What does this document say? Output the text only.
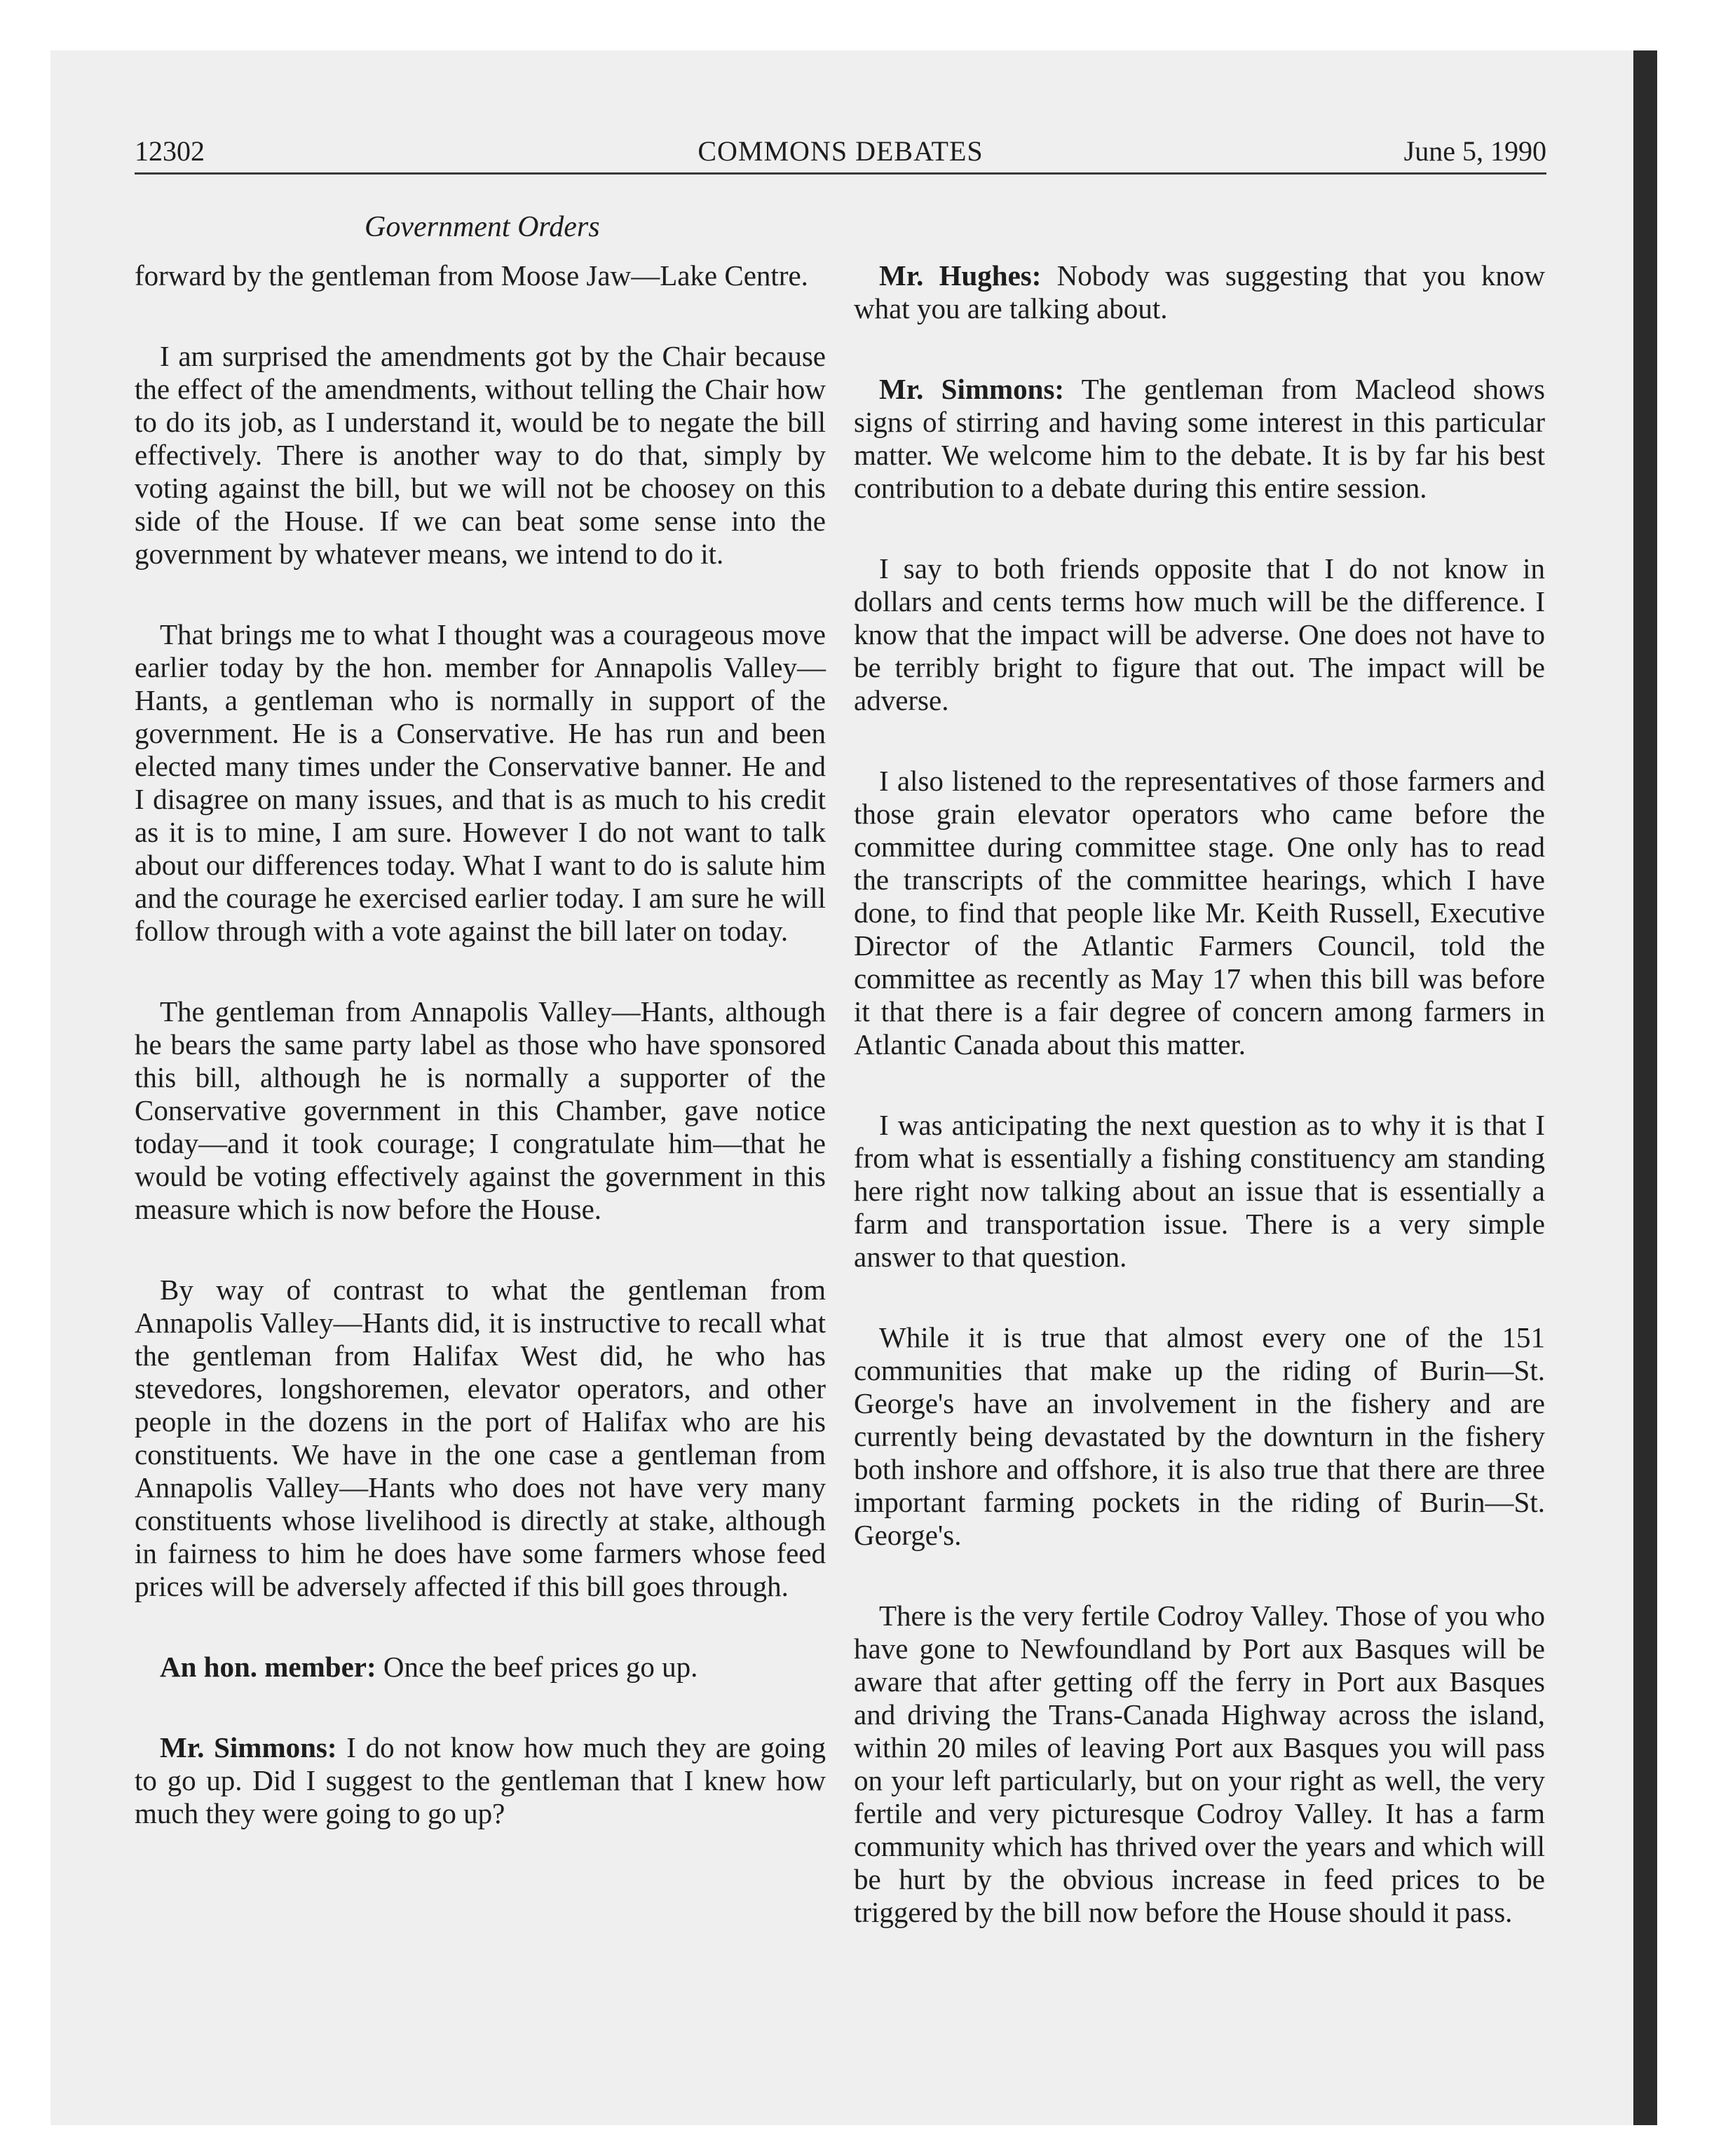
12302	COMMONS DEBATES	June 5, 1990
Government Orders

forward by the gentleman from Moose Jaw—Lake Centre.

I am surprised the amendments got by the Chair because the effect of the amendments, without telling the Chair how to do its job, as I understand it, would be to negate the bill effectively. There is another way to do that, simply by voting against the bill, but we will not be choosey on this side of the House. If we can beat some sense into the government by whatever means, we intend to do it.

That brings me to what I thought was a courageous move earlier today by the hon. member for Annapolis Valley—Hants, a gentleman who is normally in support of the government. He is a Conservative. He has run and been elected many times under the Conservative banner. He and I disagree on many issues, and that is as much to his credit as it is to mine, I am sure. However I do not want to talk about our differences today. What I want to do is salute him and the courage he exercised earlier today. I am sure he will follow through with a vote against the bill later on today.

The gentleman from Annapolis Valley—Hants, although he bears the same party label as those who have sponsored this bill, although he is normally a supporter of the Conservative government in this Chamber, gave notice today—and it took courage; I congratulate him—that he would be voting effectively against the government in this measure which is now before the House.

By way of contrast to what the gentleman from Annapolis Valley—Hants did, it is instructive to recall what the gentleman from Halifax West did, he who has stevedores, longshoremen, elevator operators, and other people in the dozens in the port of Halifax who are his constituents. We have in the one case a gentleman from Annapolis Valley—Hants who does not have very many constituents whose livelihood is directly at stake, although in fairness to him he does have some farmers whose feed prices will be adversely affected if this bill goes through.

An hon. member: Once the beef prices go up.

Mr. Simmons: I do not know how much they are going to go up. Did I suggest to the gentleman that I knew how much they were going to go up?

Mr. Hughes: Nobody was suggesting that you know what you are talking about.

Mr. Simmons: The gentleman from Macleod shows signs of stirring and having some interest in this particular matter. We welcome him to the debate. It is by far his best contribution to a debate during this entire session.

I say to both friends opposite that I do not know in dollars and cents terms how much will be the difference. I know that the impact will be adverse. One does not have to be terribly bright to figure that out. The impact will be adverse.

I also listened to the representatives of those farmers and those grain elevator operators who came before the committee during committee stage. One only has to read the transcripts of the committee hearings, which I have done, to find that people like Mr. Keith Russell, Executive Director of the Atlantic Farmers Council, told the committee as recently as May 17 when this bill was before it that there is a fair degree of concern among farmers in Atlantic Canada about this matter.

I was anticipating the next question as to why it is that I from what is essentially a fishing constituency am standing here right now talking about an issue that is essentially a farm and transportation issue. There is a very simple answer to that question.

While it is true that almost every one of the 151 communities that make up the riding of Burin—St. George's have an involvement in the fishery and are currently being devastated by the downturn in the fishery both inshore and offshore, it is also true that there are three important farming pockets in the riding of Burin—St. George's.

There is the very fertile Codroy Valley. Those of you who have gone to Newfoundland by Port aux Basques will be aware that after getting off the ferry in Port aux Basques and driving the Trans-Canada Highway across the island, within 20 miles of leaving Port aux Basques you will pass on your left particularly, but on your right as well, the very fertile and very picturesque Codroy Valley. It has a farm community which has thrived over the years and which will be hurt by the obvious increase in feed prices to be triggered by the bill now before the House should it pass.
